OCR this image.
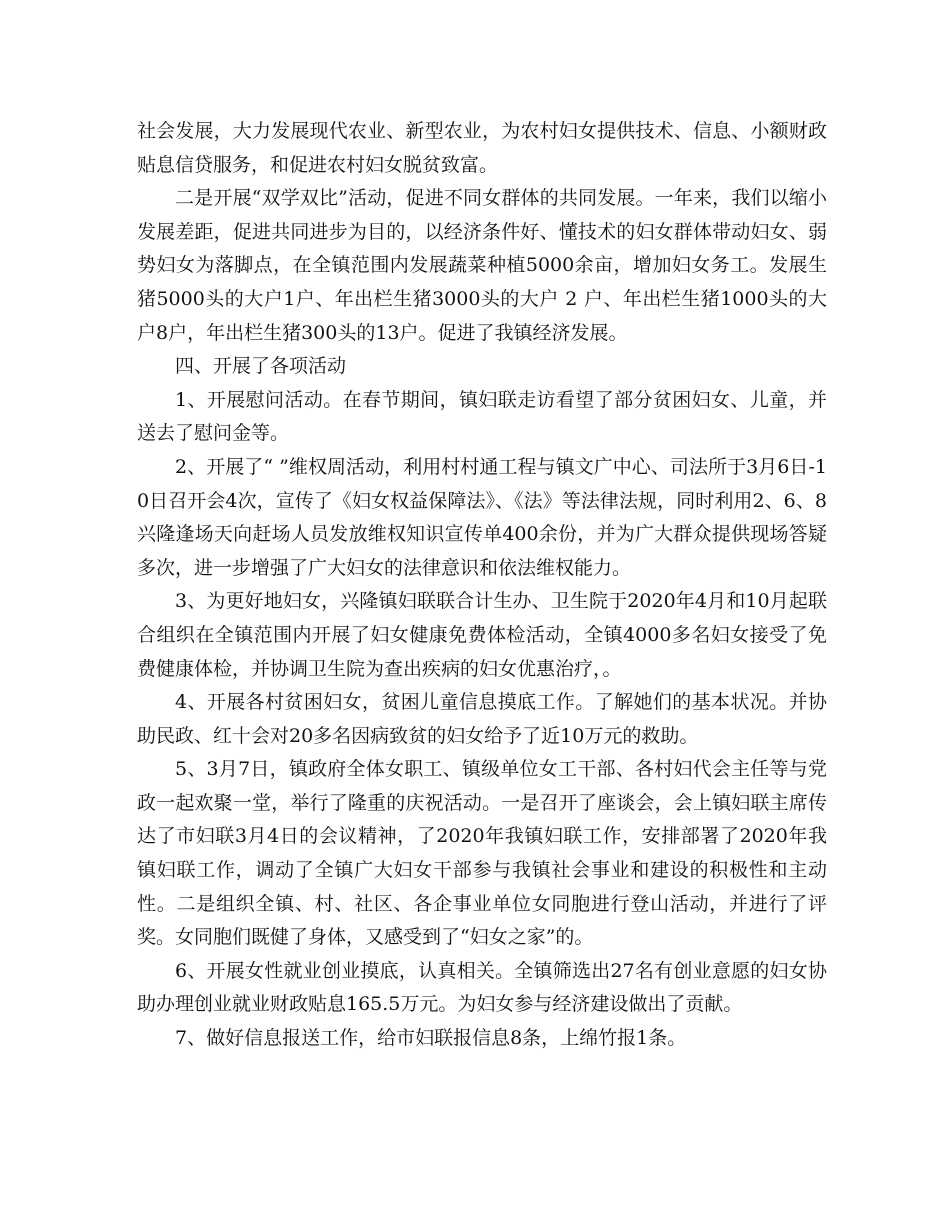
社会发展，大力发展现代农业、新型农业，为农村妇女提供技术、信息、小额财政贴息信贷服务，和促进农村妇女脱贫致富。

二是开展“双学双比”活动，促进不同女群体的共同发展。一年来，我们以缩小发展差距，促进共同进步为目的，以经济条件好、懂技术的妇女群体带动妇女、弱势妇女为落脚点，在全镇范围内发展蔬菜种植5000余亩，增加妇女务工。发展生猪5000头的大户1户、年出栏生猪3000头的大户 2 户、年出栏生猪1000头的大户8户，年出栏生猪300头的13户。促进了我镇经济发展。

四、开展了各项活动

1、开展慰问活动。在春节期间，镇妇联走访看望了部分贫困妇女、儿童，并送去了慰问金等。

2、开展了“ ”维权周活动，利用村村通工程与镇文广中心、司法所于3月6日-10日召开会4次，宣传了《妇女权益保障法》、《法》等法律法规，同时利用2、6、8兴隆逢场天向赶场人员发放维权知识宣传单400余份，并为广大群众提供现场答疑多次，进一步增强了广大妇女的法律意识和依法维权能力。

3、为更好地妇女，兴隆镇妇联联合计生办、卫生院于2020年4月和10月起联合组织在全镇范围内开展了妇女健康免费体检活动，全镇4000多名妇女接受了免费健康体检，并协调卫生院为查出疾病的妇女优惠治疗，。

4、开展各村贫困妇女，贫困儿童信息摸底工作。了解她们的基本状况。并协助民政、红十会对20多名因病致贫的妇女给予了近10万元的救助。

5、3月7日，镇政府全体女职工、镇级单位女工干部、各村妇代会主任等与党政一起欢聚一堂，举行了隆重的庆祝活动。一是召开了座谈会，会上镇妇联主席传达了市妇联3月4日的会议精神，了2020年我镇妇联工作，安排部署了2020年我镇妇联工作，调动了全镇广大妇女干部参与我镇社会事业和建设的积极性和主动性。二是组织全镇、村、社区、各企事业单位女同胞进行登山活动，并进行了评奖。女同胞们既健了身体，又感受到了“妇女之家”的。

6、开展女性就业创业摸底，认真相关。全镇筛选出27名有创业意愿的妇女协助办理创业就业财政贴息165.5万元。为妇女参与经济建设做出了贡献。

7、做好信息报送工作，给市妇联报信息8条，上绵竹报1条。
